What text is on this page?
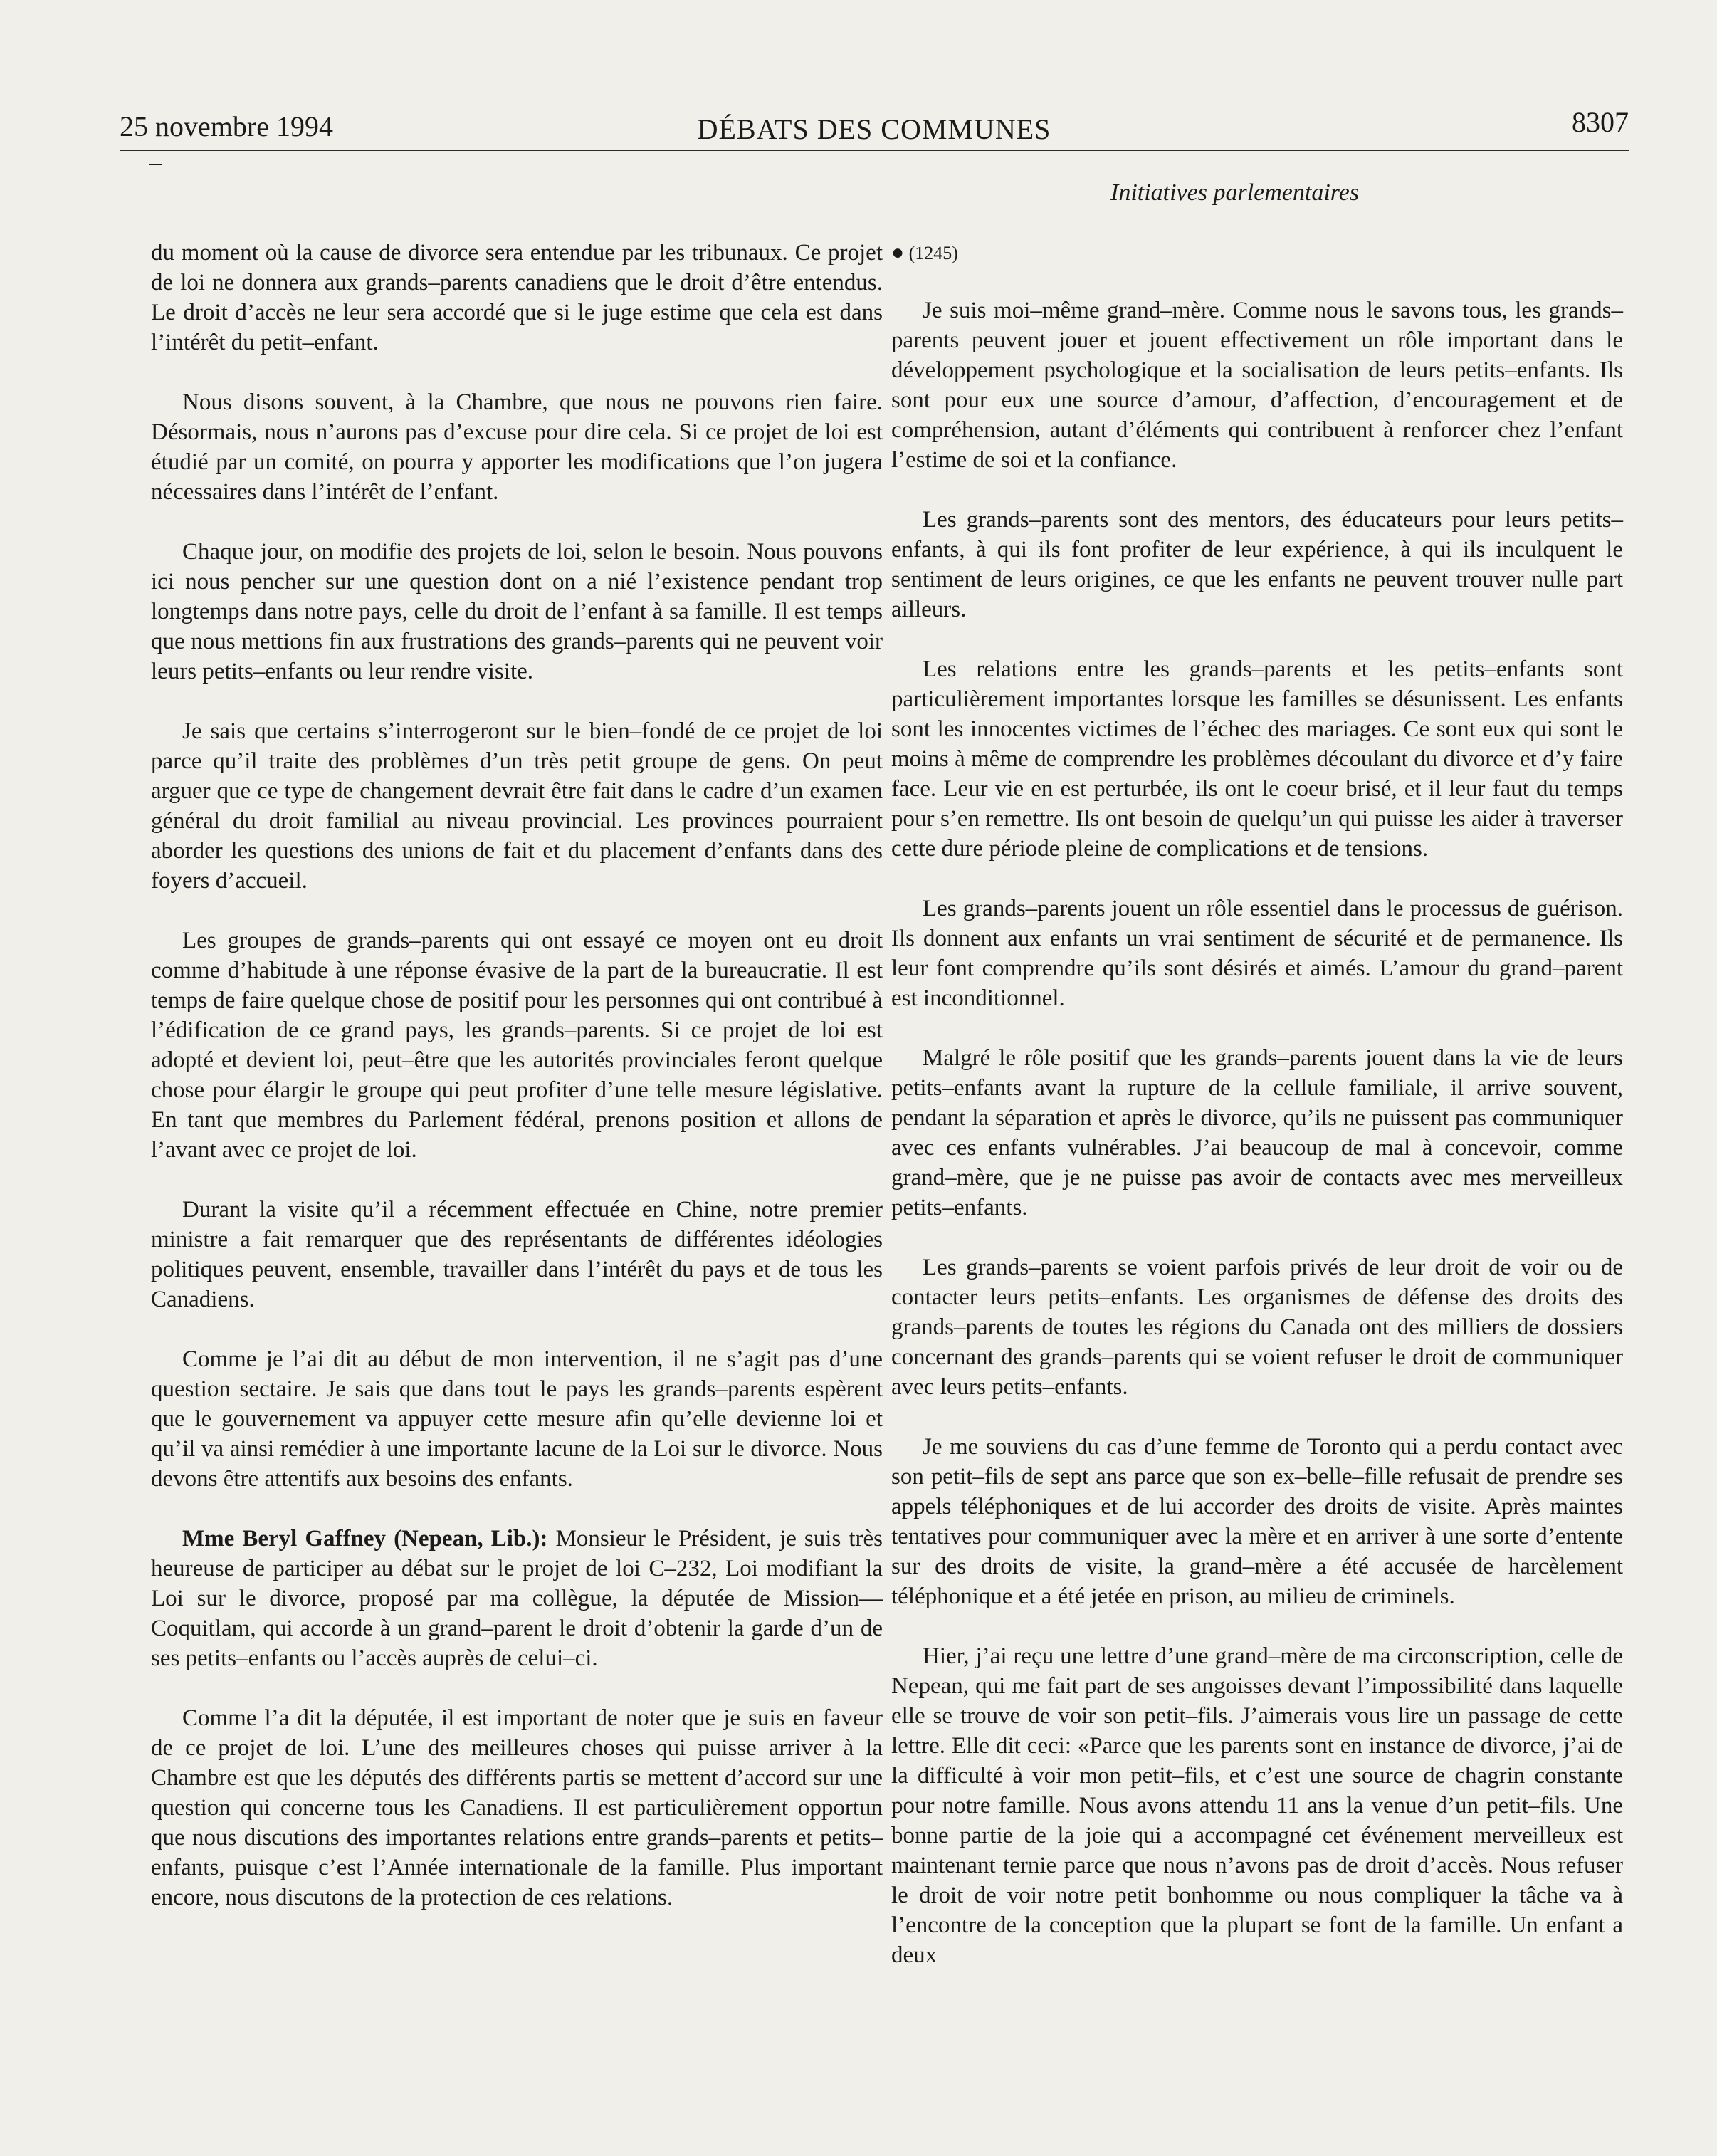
25 novembre 1994	DÉBATS DES COMMUNES	8307
–
Initiatives parlementaires

du moment où la cause de divorce sera entendue par les tribunaux. Ce projet de loi ne donnera aux grands–parents canadiens que le droit d’être entendus. Le droit d’accès ne leur sera accordé que si le juge estime que cela est dans l’intérêt du petit–enfant.

Nous disons souvent, à la Chambre, que nous ne pouvons rien faire. Désormais, nous n’aurons pas d’excuse pour dire cela. Si ce projet de loi est étudié par un comité, on pourra y apporter les modifications que l’on jugera nécessaires dans l’intérêt de l’enfant.

Chaque jour, on modifie des projets de loi, selon le besoin. Nous pouvons ici nous pencher sur une question dont on a nié l’existence pendant trop longtemps dans notre pays, celle du droit de l’enfant à sa famille. Il est temps que nous mettions fin aux frustrations des grands–parents qui ne peuvent voir leurs petits–enfants ou leur rendre visite.

Je sais que certains s’interrogeront sur le bien–fondé de ce projet de loi parce qu’il traite des problèmes d’un très petit groupe de gens. On peut arguer que ce type de changement devrait être fait dans le cadre d’un examen général du droit familial au niveau provincial. Les provinces pourraient aborder les questions des unions de fait et du placement d’enfants dans des foyers d’accueil.

Les groupes de grands–parents qui ont essayé ce moyen ont eu droit comme d’habitude à une réponse évasive de la part de la bureaucratie. Il est temps de faire quelque chose de positif pour les personnes qui ont contribué à l’édification de ce grand pays, les grands–parents. Si ce projet de loi est adopté et devient loi, peut–être que les autorités provinciales feront quelque chose pour élargir le groupe qui peut profiter d’une telle mesure législative. En tant que membres du Parlement fédéral, prenons position et allons de l’avant avec ce projet de loi.

Durant la visite qu’il a récemment effectuée en Chine, notre premier ministre a fait remarquer que des représentants de différentes idéologies politiques peuvent, ensemble, travailler dans l’intérêt du pays et de tous les Canadiens.

Comme je l’ai dit au début de mon intervention, il ne s’agit pas d’une question sectaire. Je sais que dans tout le pays les grands–parents espèrent que le gouvernement va appuyer cette mesure afin qu’elle devienne loi et qu’il va ainsi remédier à une importante lacune de la Loi sur le divorce. Nous devons être attentifs aux besoins des enfants.

Mme Beryl Gaffney (Nepean, Lib.): Monsieur le Président, je suis très heureuse de participer au débat sur le projet de loi C–232, Loi modifiant la Loi sur le divorce, proposé par ma collègue, la députée de Mission—Coquitlam, qui accorde à un grand–parent le droit d’obtenir la garde d’un de ses petits–enfants ou l’accès auprès de celui–ci.

Comme l’a dit la députée, il est important de noter que je suis en faveur de ce projet de loi. L’une des meilleures choses qui puisse arriver à la Chambre est que les députés des différents partis se mettent d’accord sur une question qui concerne tous les Canadiens. Il est particulièrement opportun que nous discutions des importantes relations entre grands–parents et petits–enfants, puisque c’est l’Année internationale de la famille. Plus important encore, nous discutons de la protection de ces relations.

● (1245)

Je suis moi–même grand–mère. Comme nous le savons tous, les grands–parents peuvent jouer et jouent effectivement un rôle important dans le développement psychologique et la socialisation de leurs petits–enfants. Ils sont pour eux une source d’amour, d’affection, d’encouragement et de compréhension, autant d’éléments qui contribuent à renforcer chez l’enfant l’estime de soi et la confiance.

Les grands–parents sont des mentors, des éducateurs pour leurs petits–enfants, à qui ils font profiter de leur expérience, à qui ils inculquent le sentiment de leurs origines, ce que les enfants ne peuvent trouver nulle part ailleurs.

Les relations entre les grands–parents et les petits–enfants sont particulièrement importantes lorsque les familles se désunissent. Les enfants sont les innocentes victimes de l’échec des mariages. Ce sont eux qui sont le moins à même de comprendre les problèmes découlant du divorce et d’y faire face. Leur vie en est perturbée, ils ont le coeur brisé, et il leur faut du temps pour s’en remettre. Ils ont besoin de quelqu’un qui puisse les aider à traverser cette dure période pleine de complications et de tensions.

Les grands–parents jouent un rôle essentiel dans le processus de guérison. Ils donnent aux enfants un vrai sentiment de sécurité et de permanence. Ils leur font comprendre qu’ils sont désirés et aimés. L’amour du grand–parent est inconditionnel.

Malgré le rôle positif que les grands–parents jouent dans la vie de leurs petits–enfants avant la rupture de la cellule familiale, il arrive souvent, pendant la séparation et après le divorce, qu’ils ne puissent pas communiquer avec ces enfants vulnérables. J’ai beaucoup de mal à concevoir, comme grand–mère, que je ne puisse pas avoir de contacts avec mes merveilleux petits–enfants.

Les grands–parents se voient parfois privés de leur droit de voir ou de contacter leurs petits–enfants. Les organismes de défense des droits des grands–parents de toutes les régions du Canada ont des milliers de dossiers concernant des grands–parents qui se voient refuser le droit de communiquer avec leurs petits–enfants.

Je me souviens du cas d’une femme de Toronto qui a perdu contact avec son petit–fils de sept ans parce que son ex–belle–fille refusait de prendre ses appels téléphoniques et de lui accorder des droits de visite. Après maintes tentatives pour communiquer avec la mère et en arriver à une sorte d’entente sur des droits de visite, la grand–mère a été accusée de harcèlement téléphonique et a été jetée en prison, au milieu de criminels.

Hier, j’ai reçu une lettre d’une grand–mère de ma circonscription, celle de Nepean, qui me fait part de ses angoisses devant l’impossibilité dans laquelle elle se trouve de voir son petit–fils. J’aimerais vous lire un passage de cette lettre. Elle dit ceci: «Parce que les parents sont en instance de divorce, j’ai de la difficulté à voir mon petit–fils, et c’est une source de chagrin constante pour notre famille. Nous avons attendu 11 ans la venue d’un petit–fils. Une bonne partie de la joie qui a accompagné cet événement merveilleux est maintenant ternie parce que nous n’avons pas de droit d’accès. Nous refuser le droit de voir notre petit bonhomme ou nous compliquer la tâche va à l’encontre de la conception que la plupart se font de la famille. Un enfant a deux
